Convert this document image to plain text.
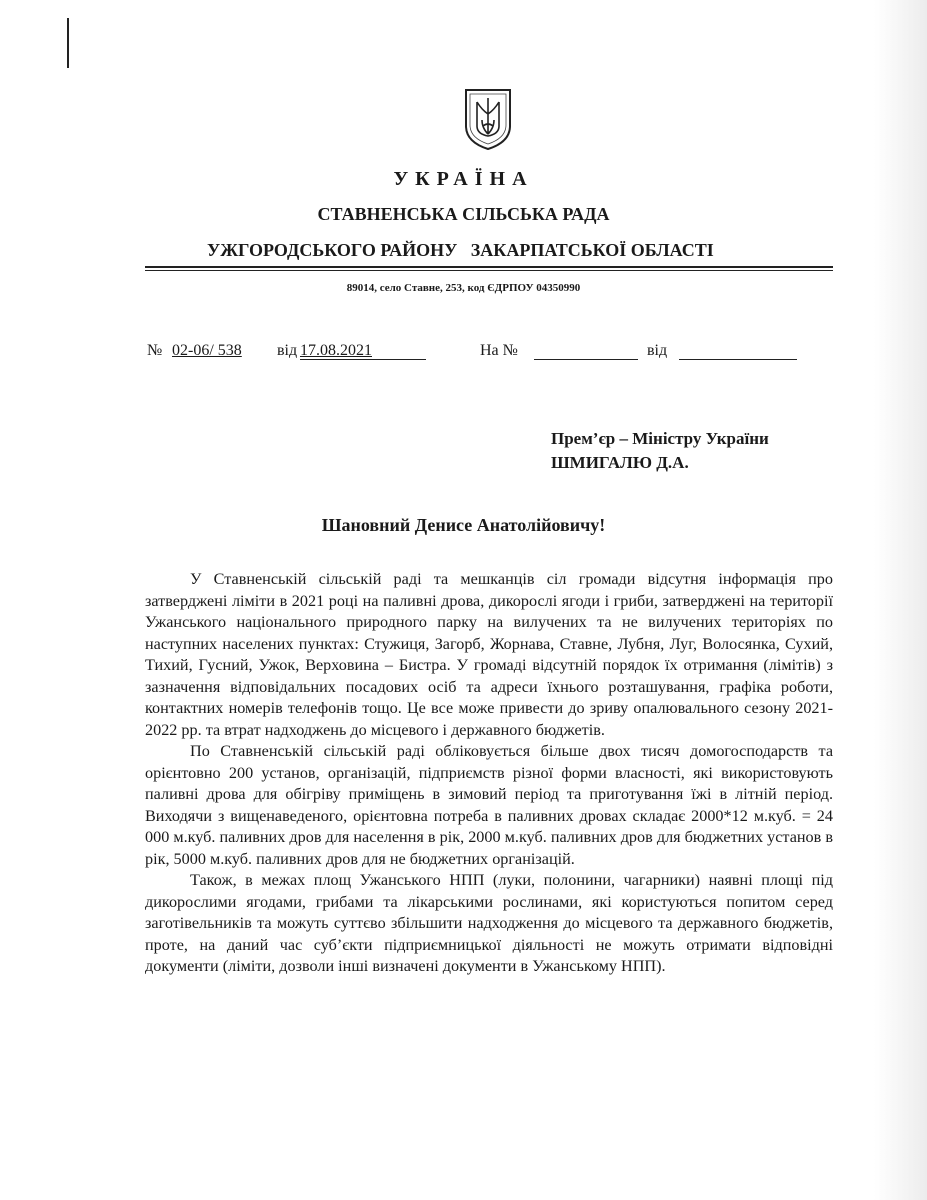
УКРАЇНА
СТАВНЕНСЬКА СІЛЬСЬКА РАДА
УЖГОРОДСЬКОГО РАЙОНУ   ЗАКАРПАТСЬКОЇ ОБЛАСТІ
89014, село Ставне, 253, код ЄДРПОУ 04350990
№ 02-06/ 538 від 17.08.2021	На №	від
Прем’єр – Міністру України
ШМИГАЛЮ Д.А.
Шановний Денисе Анатолійовичу!

У Ставненській сільській раді та мешканців сіл громади відсутня інформація про затверджені ліміти в 2021 році на паливні дрова, дикорослі ягоди і гриби, затверджені на території Ужанського національного природного парку на вилучених та не вилучених територіях по наступних населених пунктах: Стужиця, Загорб, Жорнава, Ставне, Лубня, Луг, Волосянка, Сухий, Тихий, Гусний, Ужок, Верховина – Бистра. У громаді відсутній порядок їх отримання (лімітів) з зазначення відповідальних посадових осіб та адреси їхнього розташування, графіка роботи, контактних номерів телефонів тощо. Це все може привести до зриву опалювального сезону 2021-2022 рр. та втрат надходжень до місцевого і державного бюджетів.

По Ставненській сільській раді обліковується більше двох тисяч домогосподарств та орієнтовно 200 установ, організацій, підприємств різної форми власності, які використовують паливні дрова для обігріву приміщень в зимовий період та приготування їжі в літній період. Виходячи з вищенаведеного, орієнтовна потреба в паливних дровах складає 2000*12 м.куб. = 24 000 м.куб. паливних дров для населення в рік, 2000 м.куб. паливних дров для бюджетних установ в рік, 5000 м.куб. паливних дров для не бюджетних організацій.

Також, в межах площ Ужанського НПП (луки, полонини, чагарники) наявні площі під дикорослими ягодами, грибами та лікарськими рослинами, які користуються попитом серед заготівельників та можуть суттєво збільшити надходження до місцевого та державного бюджетів, проте, на даний час суб’єкти підприємницької діяльності не можуть отримати відповідні документи (ліміти, дозволи інші визначені документи в Ужанському НПП).
